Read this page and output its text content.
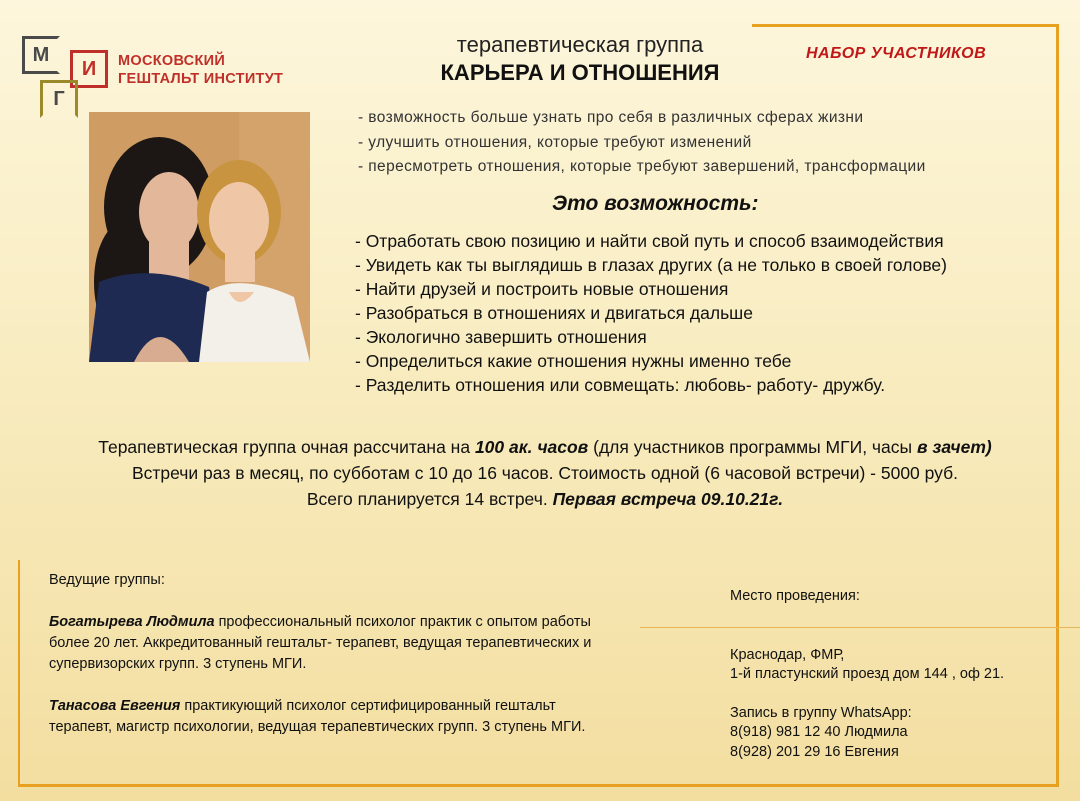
М
И
Г
МОСКОВСКИЙ
ГЕШТАЛЬТ ИНСТИТУТ
терапевтическая группа
КАРЬЕРА И ОТНОШЕНИЯ
НАБОР УЧАСТНИКОВ
- возможность больше узнать про себя в различных сферах жизни
- улучшить отношения, которые требуют изменений
- пересмотреть отношения, которые требуют завершений, трансформации
Это возможность:
- Отработать свою позицию и найти свой путь и способ взаимодействия
- Увидеть как ты выглядишь в глазах других (а не только в своей голове)
- Найти друзей и построить новые отношения
- Разобраться в отношениях и двигаться дальше
- Экологично завершить отношения
- Определиться какие отношения нужны именно тебе
- Разделить отношения или совмещать: любовь- работу- дружбу.
Терапевтическая группа очная рассчитана на 100 ак. часов (для участников программы МГИ, часы в зачет)
Встречи раз в месяц, по субботам с 10 до 16 часов. Стоимость одной (6 часовой встречи) - 5000 руб.
Всего планируется 14 встреч. Первая встреча 09.10.21г.

Ведущие группы:

Богатырева Людмила профессиональный психолог практик с опытом работы более 20 лет. Аккредитованный гештальт- терапевт, ведущая терапевтических и супервизорских групп. 3 ступень МГИ.

Танасова Евгения практикующий психолог сертифицированный гештальт терапевт, магистр психологии, ведущая терапевтических групп. 3 ступень МГИ.

Место проведения:

Краснодар, ФМР,

1-й пластунский проезд дом 144 , оф 21.

Запись в группу WhatsApp:

8(918) 981 12 40 Людмила

8(928) 201 29 16 Евгения
